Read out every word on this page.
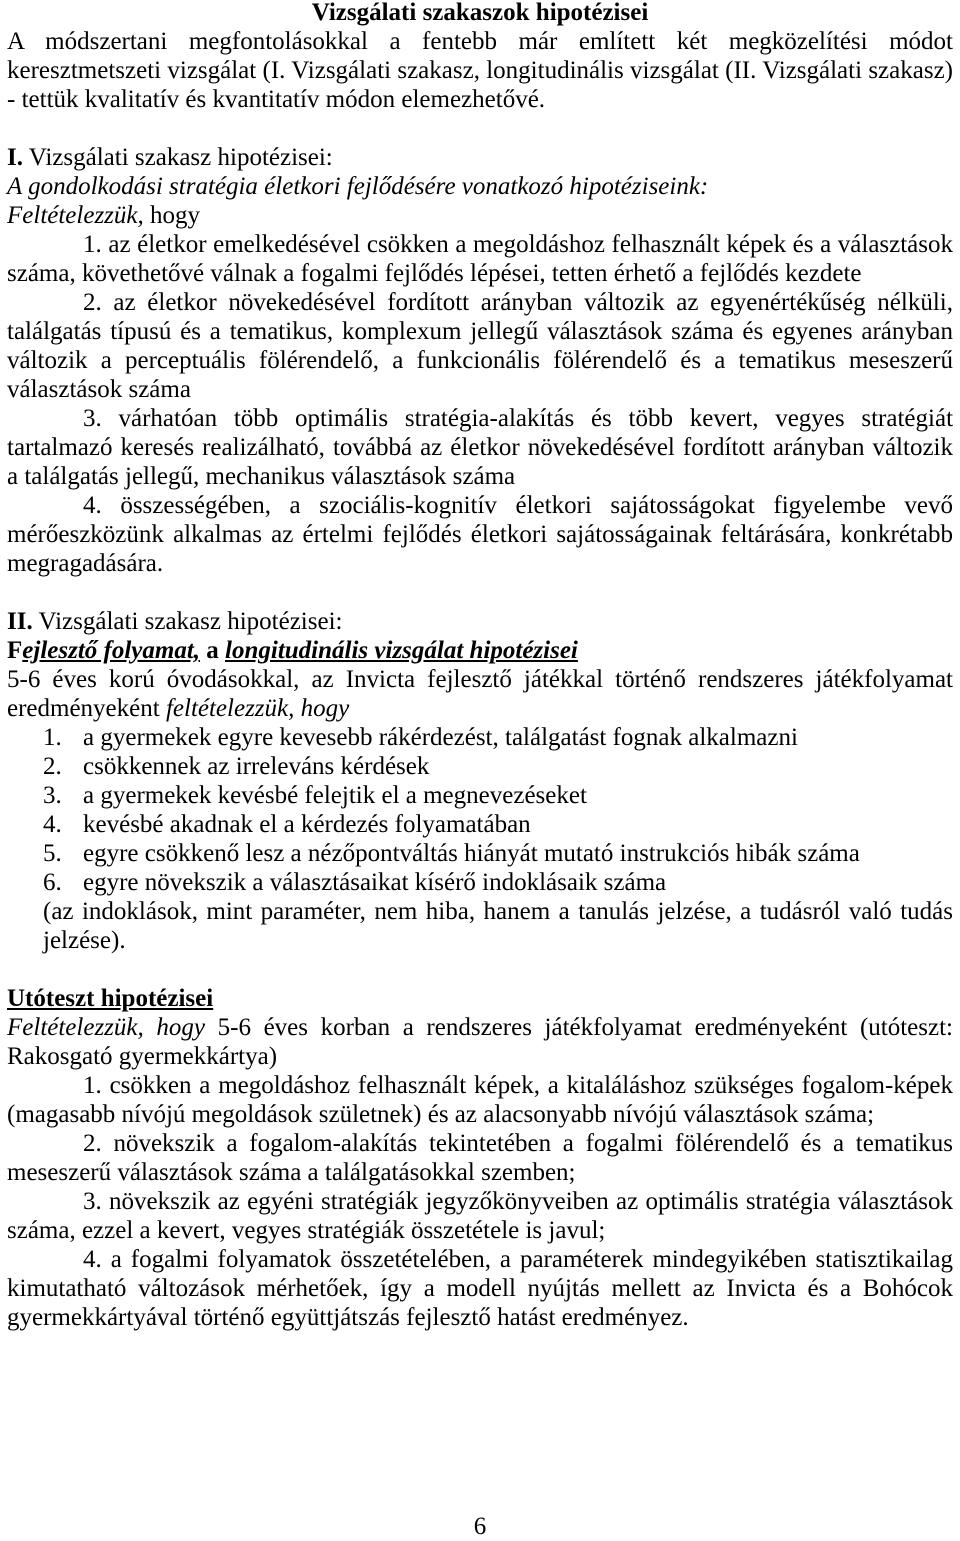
Vizsgálati szakaszok hipotézisei

A módszertani megfontolásokkal a fentebb már említett két megközelítési módot keresztmetszeti vizsgálat (I. Vizsgálati szakasz, longitudinális vizsgálat (II. Vizsgálati szakasz) - tettük kvalitatív és kvantitatív módon elemezhetővé.

I. Vizsgálati szakasz hipotézisei:

A gondolkodási stratégia életkori fejlődésére vonatkozó hipotéziseink:

Feltételezzük, hogy

1. az életkor emelkedésével csökken a megoldáshoz felhasznált képek és a választások száma, követhetővé válnak a fogalmi fejlődés lépései, tetten érhető a fejlődés kezdete

2. az életkor növekedésével fordított arányban változik az egyenértékűség nélküli, találgatás típusú és a tematikus, komplexum jellegű választások száma és egyenes arányban változik a perceptuális fölérendelő, a funkcionális fölérendelő és a tematikus meseszerű választások száma

3. várhatóan több optimális stratégia-alakítás és több kevert, vegyes stratégiát tartalmazó keresés realizálható, továbbá az életkor növekedésével fordított arányban változik a találgatás jellegű, mechanikus választások száma

4. összességében, a szociális-kognitív életkori sajátosságokat figyelembe vevő mérőeszközünk alkalmas az értelmi fejlődés életkori sajátosságainak feltárására, konkrétabb megragadására.

II. Vizsgálati szakasz hipotézisei:

Fejlesztő folyamat, a longitudinális vizsgálat hipotézisei

5-6 éves korú óvodásokkal, az Invicta fejlesztő játékkal történő rendszeres játékfolyamat eredményeként feltételezzük, hogy

1. a gyermekek egyre kevesebb rákérdezést, találgatást fognak alkalmazni
2. csökkennek az irreleváns kérdések
3. a gyermekek kevésbé felejtik el a megnevezéseket
4. kevésbé akadnak el a kérdezés folyamatában
5. egyre csökkenő lesz a nézőpontváltás hiányát mutató instrukciós hibák száma
6. egyre növekszik a választásaikat kísérő indoklásaik száma

(az indoklások, mint paraméter, nem hiba, hanem a tanulás jelzése, a tudásról való tudás jelzése).

Utóteszt hipotézisei

Feltételezzük, hogy 5-6 éves korban a rendszeres játékfolyamat eredményeként (utóteszt: Rakosgató gyermekkártya)

1. csökken a megoldáshoz felhasznált képek, a kitaláláshoz szükséges fogalom-képek (magasabb nívójú megoldások születnek) és az alacsonyabb nívójú választások száma;

2. növekszik a fogalom-alakítás tekintetében a fogalmi fölérendelő és a tematikus meseszerű választások száma a találgatásokkal szemben;

3. növekszik az egyéni stratégiák jegyzőkönyveiben az optimális stratégia választások száma, ezzel a kevert, vegyes stratégiák összetétele is javul;

4. a fogalmi folyamatok összetételében, a paraméterek mindegyikében statisztikailag kimutatható változások mérhetőek, így a modell nyújtás mellett az Invicta és a Bohócok gyermekkártyával történő együttjátszás fejlesztő hatást eredményez.

6
